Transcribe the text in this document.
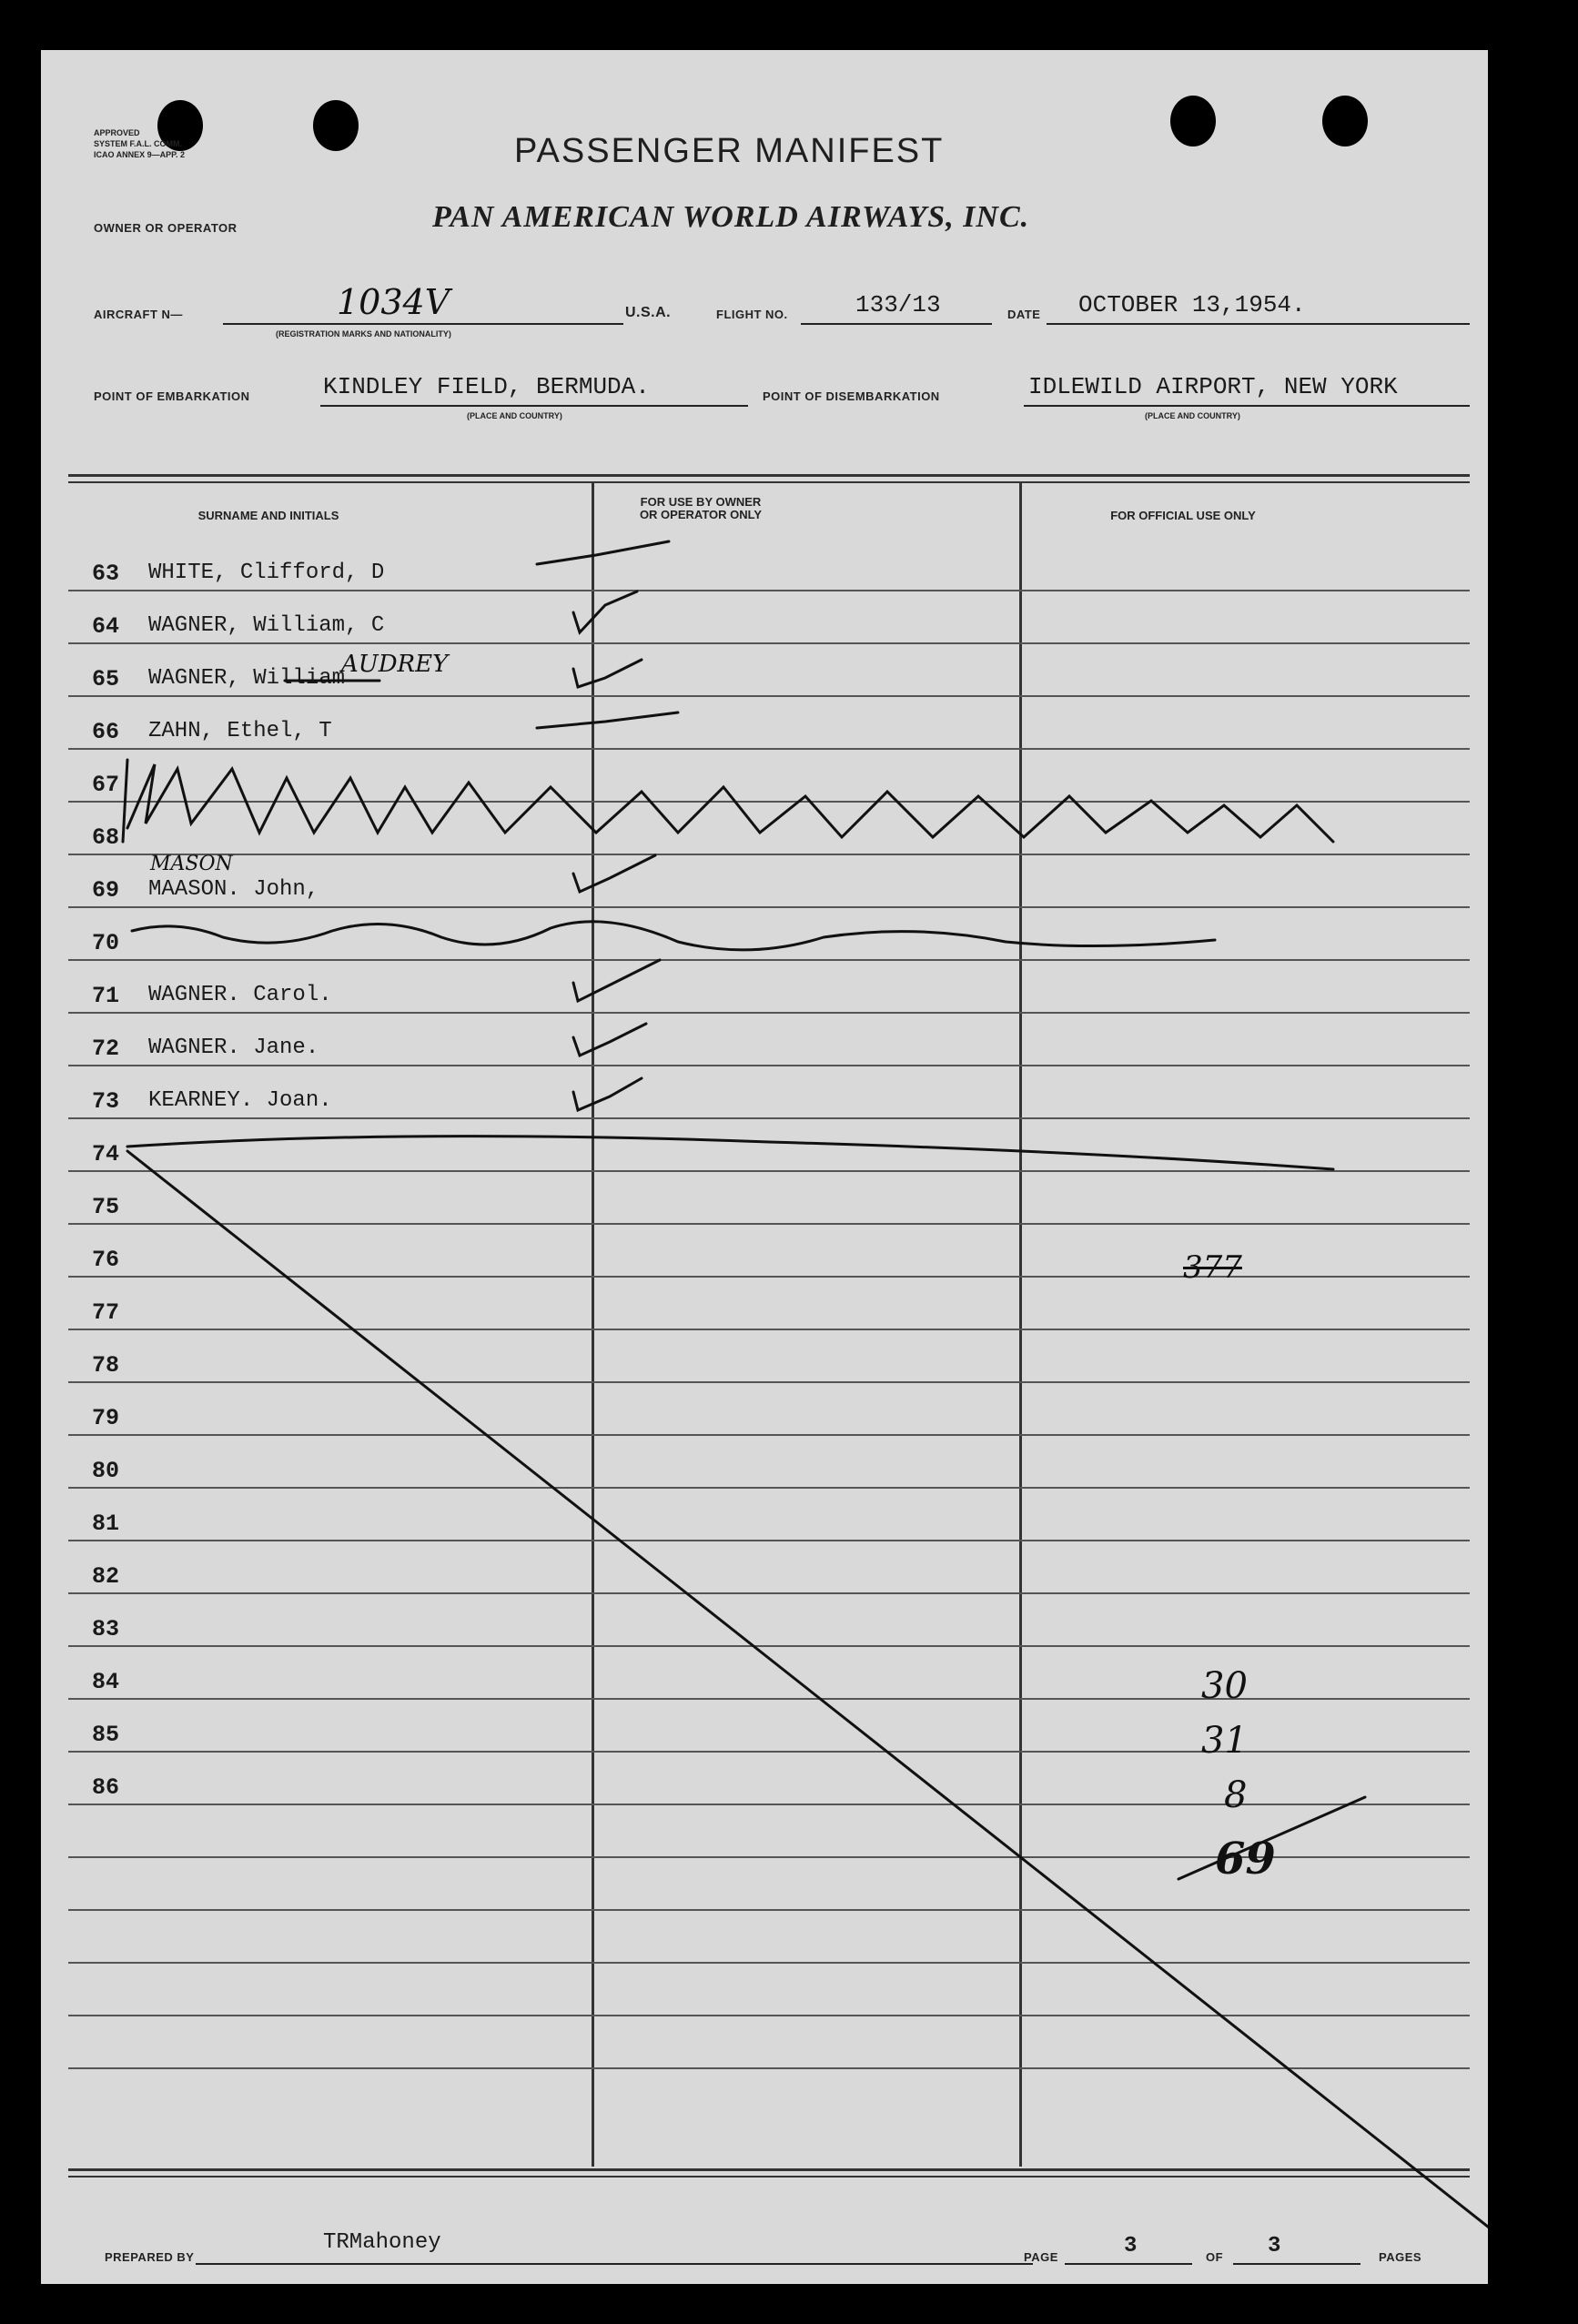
APPROVED
SYSTEM F.A.L. COMM.
ICAO ANNEX 9—APP. 2	PASSENGER MANIFEST
OWNER OR OPERATOR	PAN AMERICAN WORLD AIRWAYS, INC.
AIRCRAFT N—	1034V
(REGISTRATION MARKS AND NATIONALITY)
U.S.A.	FLIGHT NO.	133/13	DATE OCTOBER 13,1954.
POINT OF EMBARKATION	KINDLEY FIELD, BERMUDA.
(PLACE AND COUNTRY)
POINT OF DISEMBARKATION	IDLEWILD AIRPORT, NEW YORK
(PLACE AND COUNTRY)
SURNAME AND INITIALS
FOR USE BY OWNER
OR OPERATOR ONLY	FOR OFFICIAL USE ONLY
63	WHITE, Clifford, D
64	WAGNER, William, C
65	WAGNER, William
66	ZAHN, Ethel, T
67
68
69	MAASON. John,
70
71	WAGNER. Carol.
72	WAGNER. Jane.
73	KEARNEY. Joan.
74
75
76
77
78
79
80
81
82
83
84
85
86
PREPARED BY
TRMahoney
PAGE	3	OF 3	PAGES
AUDREY
MASON
377
30
31
8
69
